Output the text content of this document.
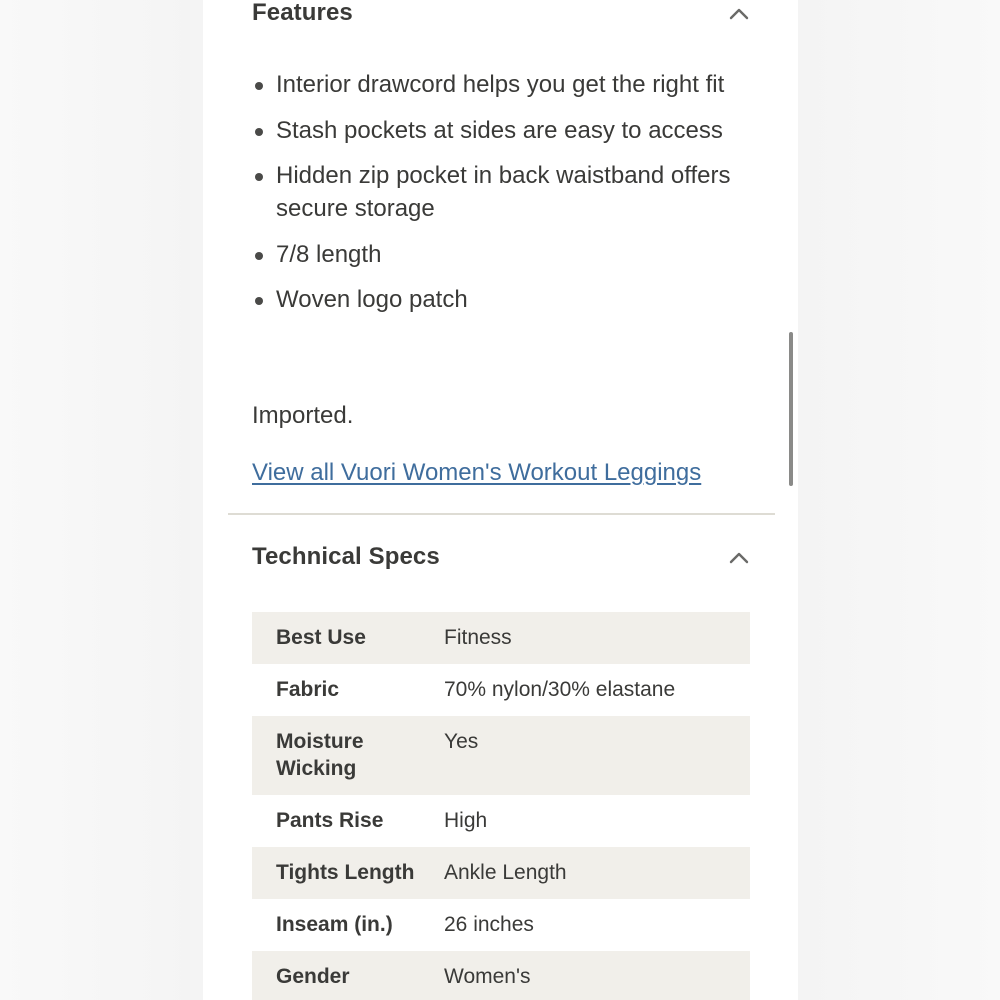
Features
Interior drawcord helps you get the right fit
Stash pockets at sides are easy to access
Hidden zip pocket in back waistband offers secure storage
7/8 length
Woven logo patch
Imported.
View all Vuori Women's Workout Leggings
Technical Specs
Best Use	Fitness
Fabric	70% nylon/30% elastane

Moisture Wicking	Yes
Pants Rise	High
Tights Length	Ankle Length
Inseam (in.)	26 inches
Gender	Women's
